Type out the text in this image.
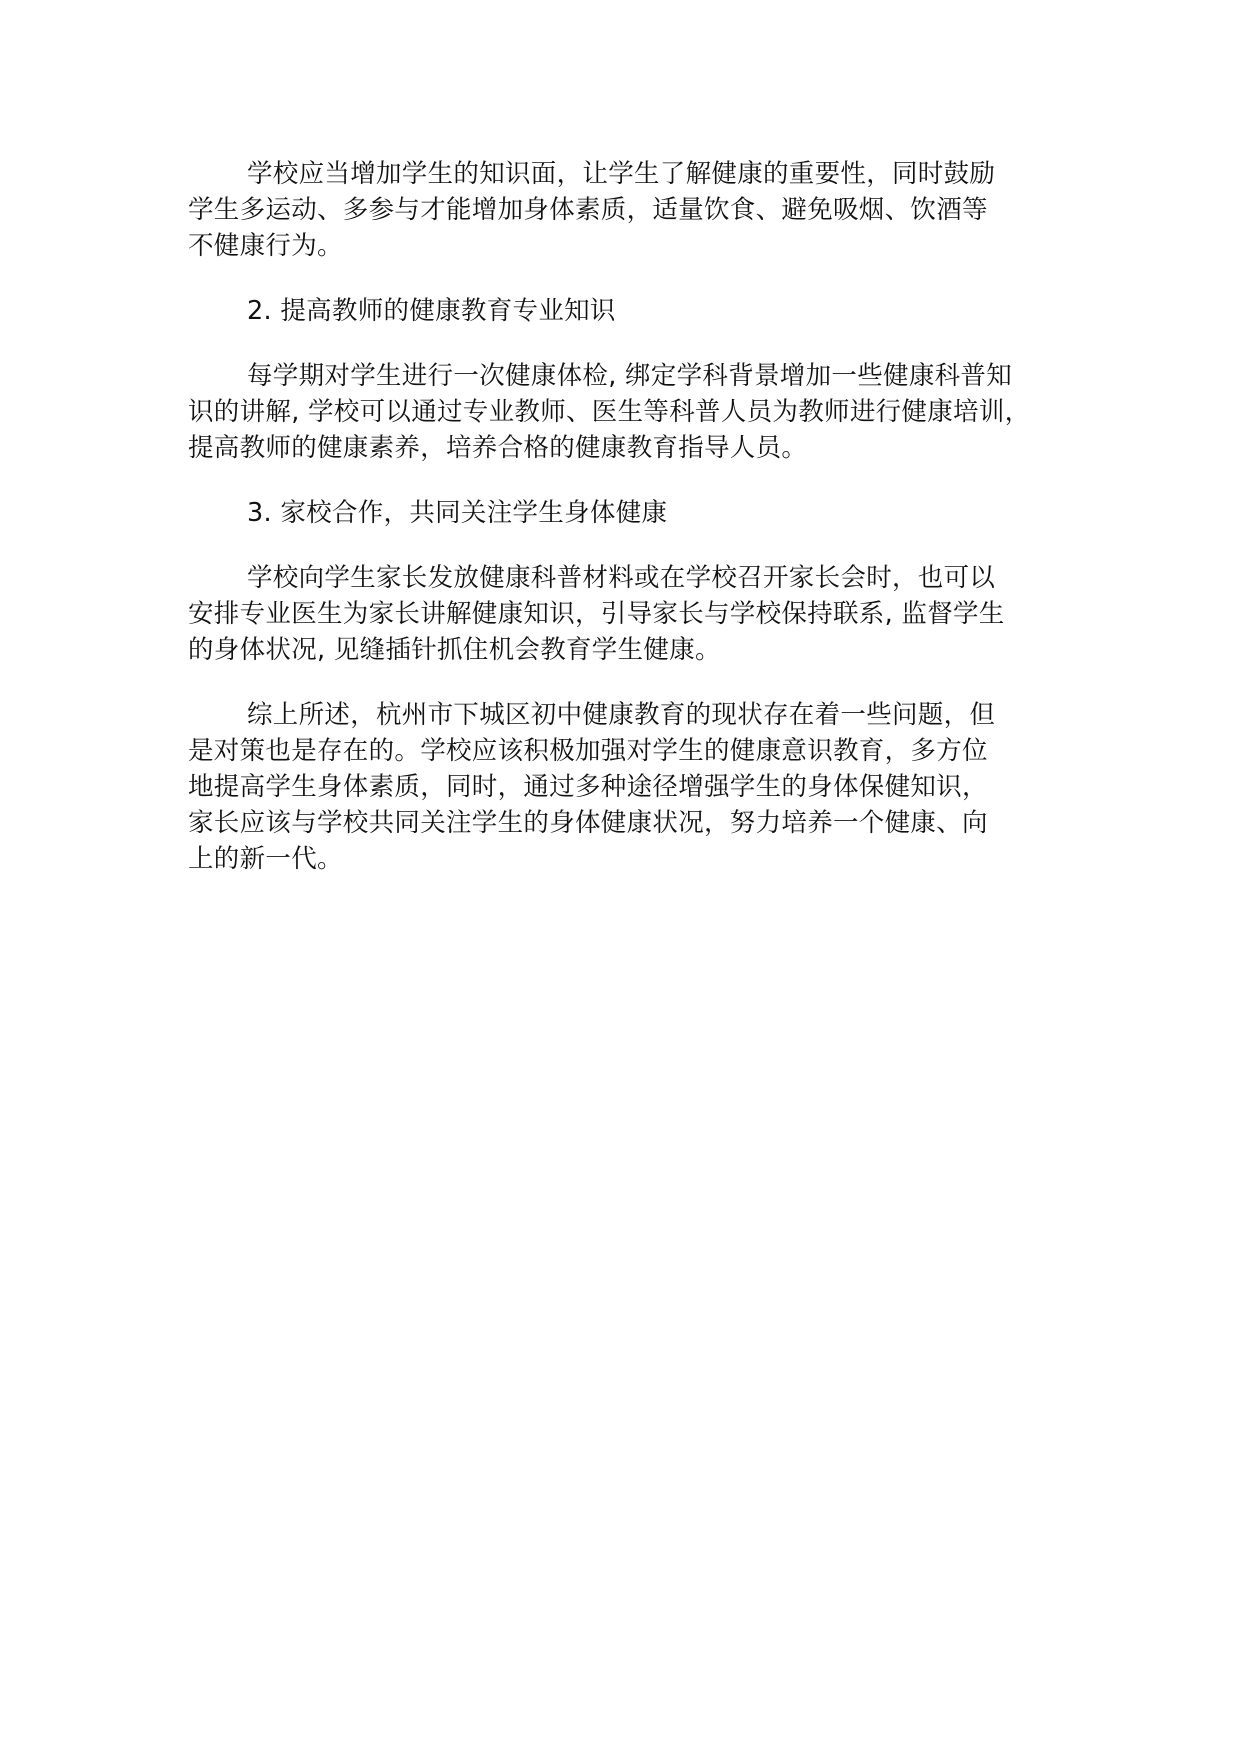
学校应当增加学生的知识面，让学生了解健康的重要性，同时鼓励
学生多运动、多参与才能增加身体素质，适量饮食、避免吸烟、饮酒等
不健康行为。

2. 提高教师的健康教育专业知识

每学期对学生进行一次健康体检, 绑定学科背景增加一些健康科普知
识的讲解, 学校可以通过专业教师、医生等科普人员为教师进行健康培训，
提高教师的健康素养，培养合格的健康教育指导人员。

3. 家校合作，共同关注学生身体健康

学校向学生家长发放健康科普材料或在学校召开家长会时，也可以
安排专业医生为家长讲解健康知识，引导家长与学校保持联系, 监督学生
的身体状况, 见缝插针抓住机会教育学生健康。

综上所述，杭州市下城区初中健康教育的现状存在着一些问题，但
是对策也是存在的。学校应该积极加强对学生的健康意识教育，多方位
地提高学生身体素质，同时，通过多种途径增强学生的身体保健知识，
家长应该与学校共同关注学生的身体健康状况，努力培养一个健康、向
上的新一代。
